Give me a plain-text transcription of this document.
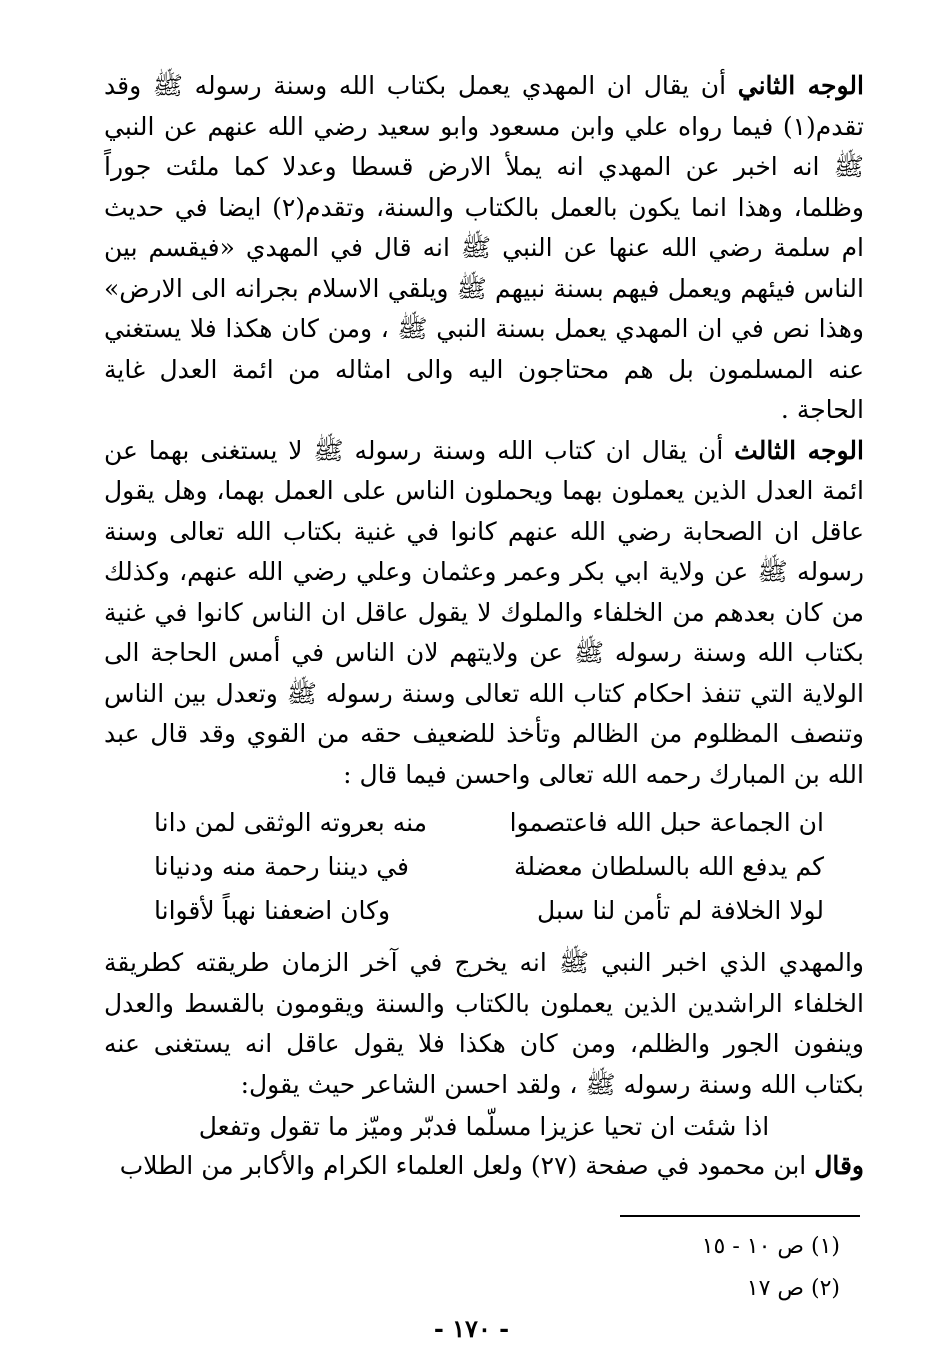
الوجه الثاني أن يقال ان المهدي يعمل بكتاب الله وسنة رسوله ﷺ وقد تقدم(١) فيما رواه علي وابن مسعود وابو سعيد رضي الله عنهم عن النبي ﷺ انه اخبر عن المهدي انه يملأ الارض قسطا وعدلا كما ملئت جوراً وظلما، وهذا انما يكون بالعمل بالكتاب والسنة، وتقدم(٢) ايضا في حديث ام سلمة رضي الله عنها عن النبي ﷺ انه قال في المهدي «فيقسم بين الناس فيئهم ويعمل فيهم بسنة نبيهم ﷺ ويلقي الاسلام بجرانه الى الارض» وهذا نص في ان المهدي يعمل بسنة النبي ﷺ ، ومن كان هكذا فلا يستغني عنه المسلمون بل هم محتاجون اليه والى امثاله من ائمة العدل غاية الحاجة .

الوجه الثالث أن يقال ان كتاب الله وسنة رسوله ﷺ لا يستغنى بهما عن ائمة العدل الذين يعملون بهما ويحملون الناس على العمل بهما، وهل يقول عاقل ان الصحابة رضي الله عنهم كانوا في غنية بكتاب الله تعالى وسنة رسوله ﷺ عن ولاية ابي بكر وعمر وعثمان وعلي رضي الله عنهم، وكذلك من كان بعدهم من الخلفاء والملوك لا يقول عاقل ان الناس كانوا في غنية بكتاب الله وسنة رسوله ﷺ عن ولايتهم لان الناس في أمس الحاجة الى الولاية التي تنفذ احكام كتاب الله تعالى وسنة رسوله ﷺ وتعدل بين الناس وتنصف المظلوم من الظالم وتأخذ للضعيف حقه من القوي وقد قال عبد الله بن المبارك رحمه الله تعالى واحسن فيما قال :

ان الجماعة حبل الله فاعتصموا
منه بعروته الوثقى لمن دانا
كم يدفع الله بالسلطان معضلة
في ديننا رحمة منه ودنيانا
لولا الخلافة لم تأمن لنا سبل
وكان اضعفنا نهباً لأقوانا

والمهدي الذي اخبر النبي ﷺ انه يخرج في آخر الزمان طريقته كطريقة الخلفاء الراشدين الذين يعملون بالكتاب والسنة ويقومون بالقسط والعدل وينفون الجور والظلم، ومن كان هكذا فلا يقول عاقل انه يستغنى عنه بكتاب الله وسنة رسوله ﷺ ، ولقد احسن الشاعر حيث يقول:

اذا شئت ان تحيا عزيزا مسلّما فدبّر وميّز ما تقول وتفعل
وقال ابن محمود في صفحة (٢٧) ولعل العلماء الكرام والأكابر من الطلاب
(١) ص ١٠ - ١٥
(٢) ص ١٧
- ١٧٠ -
